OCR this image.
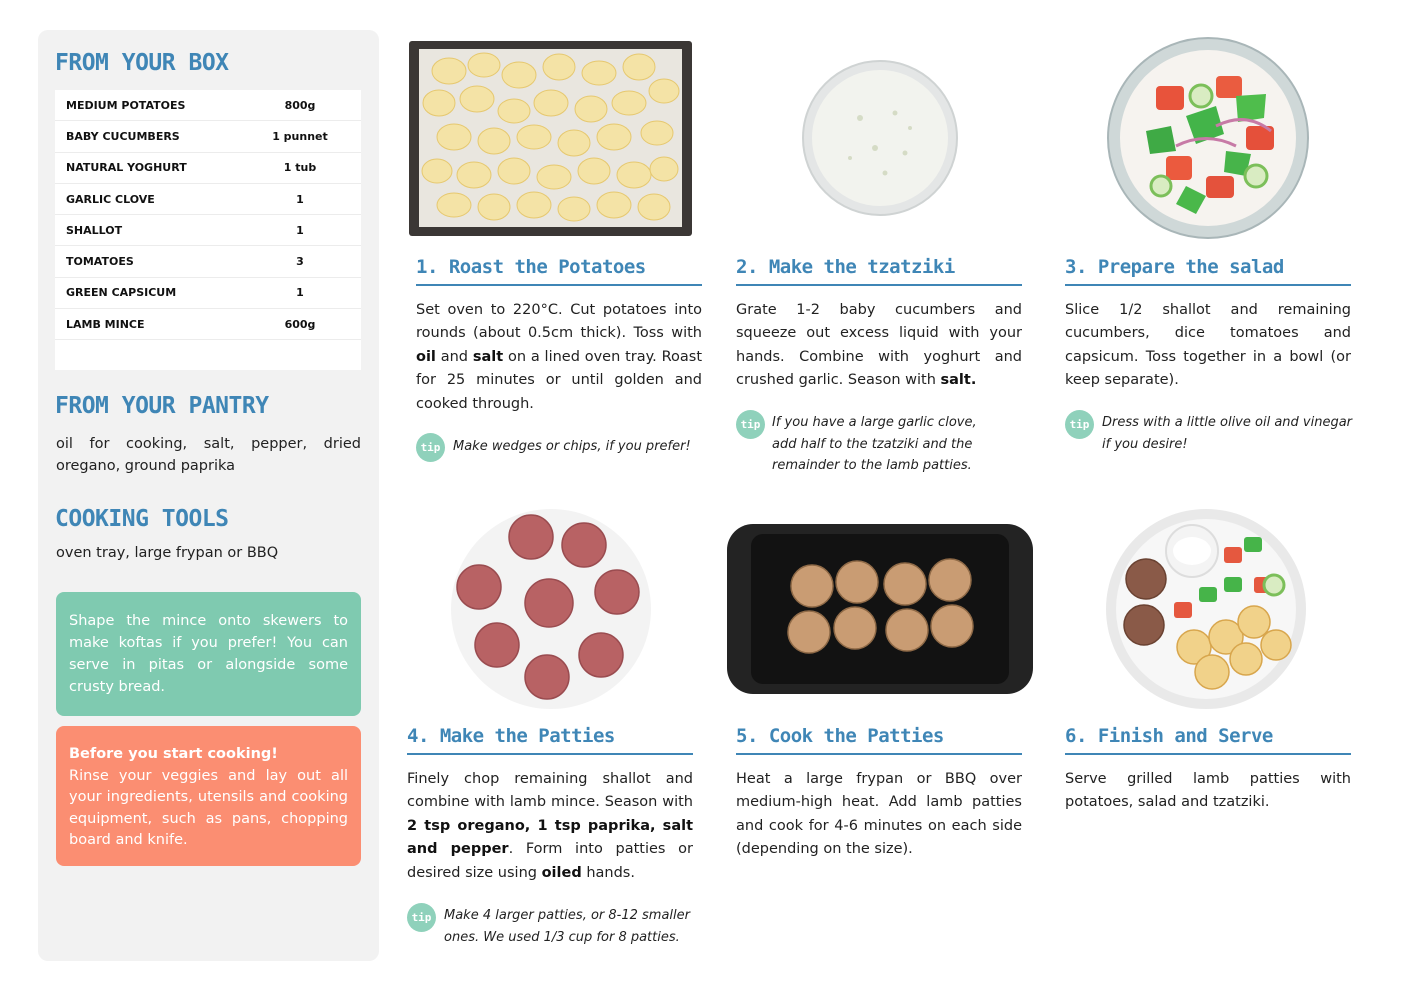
FROM YOUR BOX
MEDIUM POTATOES	800g
BABY CUCUMBERS	1 punnet
NATURAL YOGHURT	1 tub
GARLIC CLOVE	1
SHALLOT	1
TOMATOES	3
GREEN CAPSICUM	1
LAMB MINCE	600g
FROM YOUR PANTRY
oil for cooking, salt, pepper, dried oregano, ground paprika
COOKING TOOLS
oven tray, large frypan or BBQ
Shape the mince onto skewers to make koftas if you prefer! You can serve in pitas or alongside some crusty bread.
Before you start cooking!
Rinse your veggies and lay out all your ingredients, utensils and cooking equipment, such as pans, chopping board and knife.
1. Roast the Potatoes
Set oven to 220°C. Cut potatoes into rounds (about 0.5cm thick). Toss with oil and salt on a lined oven tray. Roast for 25 minutes or until golden and cooked through.
tip Make wedges or chips, if you prefer!
2. Make the tzatziki
Grate 1-2 baby cucumbers and squeeze out excess liquid with your hands. Combine with yoghurt and crushed garlic. Season with salt.
tip If you have a large garlic clove, add half to the tzatziki and the remainder to the lamb patties.
3. Prepare the salad
Slice 1/2 shallot and remaining cucumbers, dice tomatoes and capsicum. Toss together in a bowl (or keep separate).
tip Dress with a little olive oil and vinegar if you desire!
4. Make the Patties
Finely chop remaining shallot and combine with lamb mince. Season with 2 tsp oregano, 1 tsp paprika, salt and pepper. Form into patties or desired size using oiled hands.
tip Make 4 larger patties, or 8-12 smaller ones. We used 1/3 cup for 8 patties.
5. Cook the Patties
Heat a large frypan or BBQ over medium-high heat. Add lamb patties and cook for 4-6 minutes on each side (depending on the size).
6. Finish and Serve
Serve grilled lamb patties with potatoes, salad and tzatziki.
